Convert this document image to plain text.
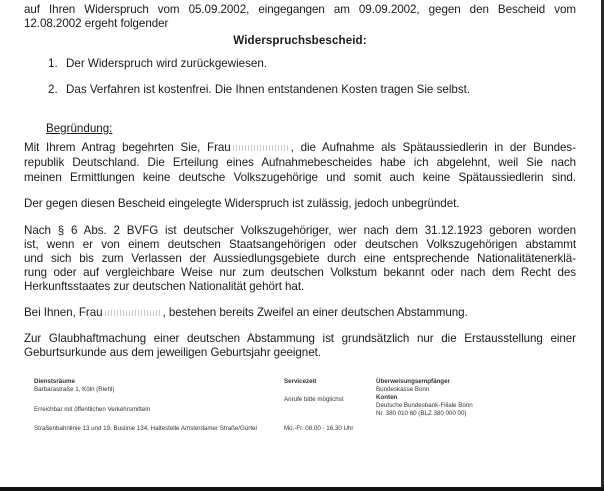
auf Ihren Widerspruch vom 05.09.2002, eingegangen am 09.09.2002, gegen den Bescheid vom
12.08.2002 ergeht folgender
Widerspruchsbescheid:
1. Der Widerspruch wird zurückgewiesen.
2. Das Verfahren ist kostenfrei. Die Ihnen entstandenen Kosten tragen Sie selbst.
Begründung:
Mit Ihrem Antrag begehrten Sie, Frau	, die Aufnahme als Spätaussiedlerin in der Bundes-
republik Deutschland. Die Erteilung eines Aufnahmebescheides habe ich abgelehnt, weil Sie nach
meinen Ermittlungen keine deutsche Volkszugehörige und somit auch keine Spätaussiedlerin sind.
Der gegen diesen Bescheid eingelegte Widerspruch ist zulässig, jedoch unbegründet.
Nach § 6 Abs. 2 BVFG ist deutscher Volkszugehöriger, wer nach dem 31.12.1923 geboren worden
ist, wenn er von einem deutschen Staatsangehörigen oder deutschen Volkszugehörigen abstammt
und sich bis zum Verlassen der Aussiedlungsgebiete durch eine entsprechende Nationalitätenerklä-
rung oder auf vergleichbare Weise nur zum deutschen Volkstum bekannt oder nach dem Recht des
Herkunftsstaates zur deutschen Nationalität gehört hat.
Bei Ihnen, Frau	, bestehen bereits Zweifel an einer deutschen Abstammung.
Zur Glaubhaftmachung einer deutschen Abstammung ist grundsätzlich nur die Erstausstellung einer
Geburtsurkunde aus dem jeweiligen Geburtsjahr geeignet.
Dienstsräume
Barbarastraße 1, Köln (Riehl)
Erreichbar mit öffentlichen Verkehrsmitteln
Straßenbahnlinie 13 und 19, Buslinie 134, Haltestelle Amsterdamer Straße/Gürtel
Servicezeit
Anrufe bitte möglichst
Mo.-Fr. 08.00 - 16.30 Uhr
Überweisungsempfänger
Bundeskasse Bonn
Konten
Deutsche Bundesbank-Filiale Bonn
Nr. 380 010 60 (BLZ 380 000 00)
